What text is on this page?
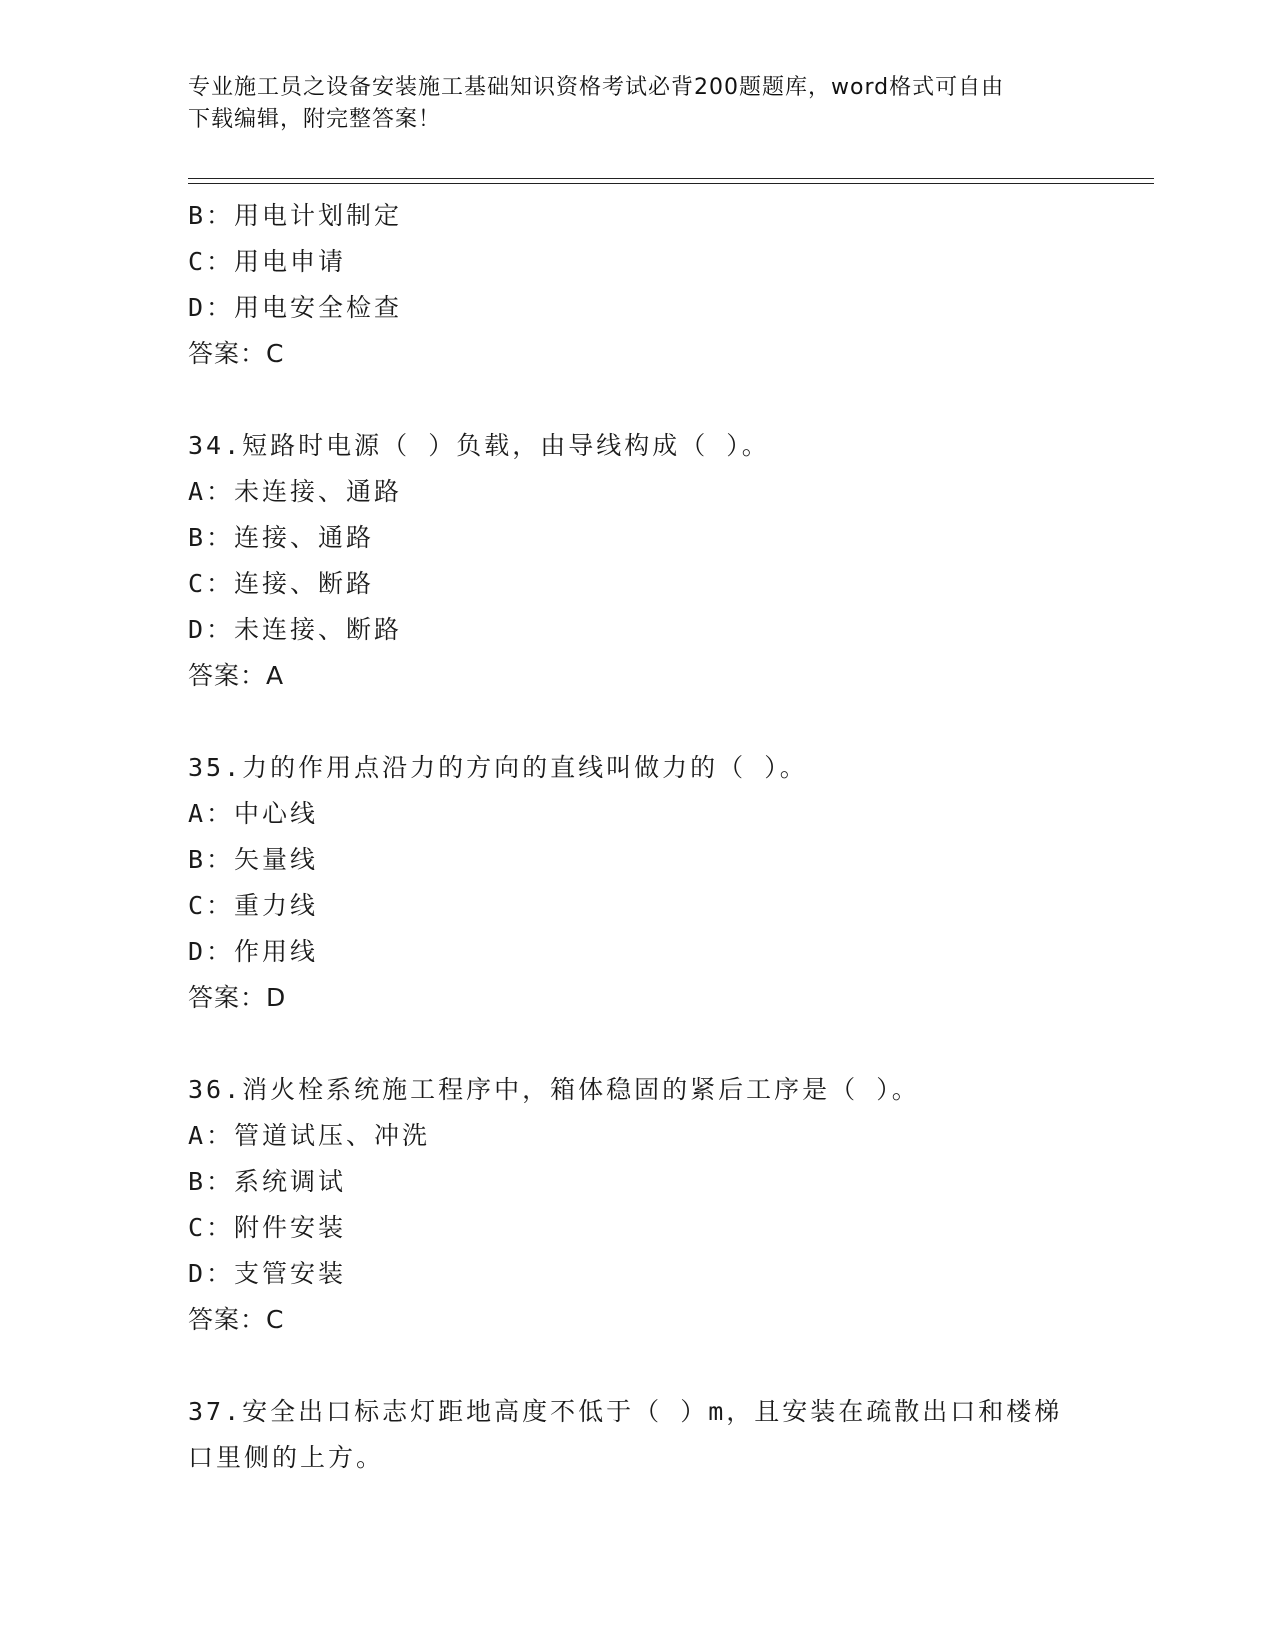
专业施工员之设备安装施工基础知识资格考试必背200题题库，word格式可自由
下载编辑，附完整答案！
B：用电计划制定
C：用电申请
D：用电安全检查
答案：C
34.短路时电源（ ）负载，由导线构成（ ）。
A：未连接、通路
B：连接、通路
C：连接、断路
D：未连接、断路
答案：A
35.力的作用点沿力的方向的直线叫做力的（ ）。
A：中心线
B：矢量线
C：重力线
D：作用线
答案：D
36.消火栓系统施工程序中，箱体稳固的紧后工序是（ ）。
A：管道试压、冲洗
B：系统调试
C：附件安装
D：支管安装
答案：C
37.安全出口标志灯距地高度不低于（ ）m，且安装在疏散出口和楼梯
口里侧的上方。
